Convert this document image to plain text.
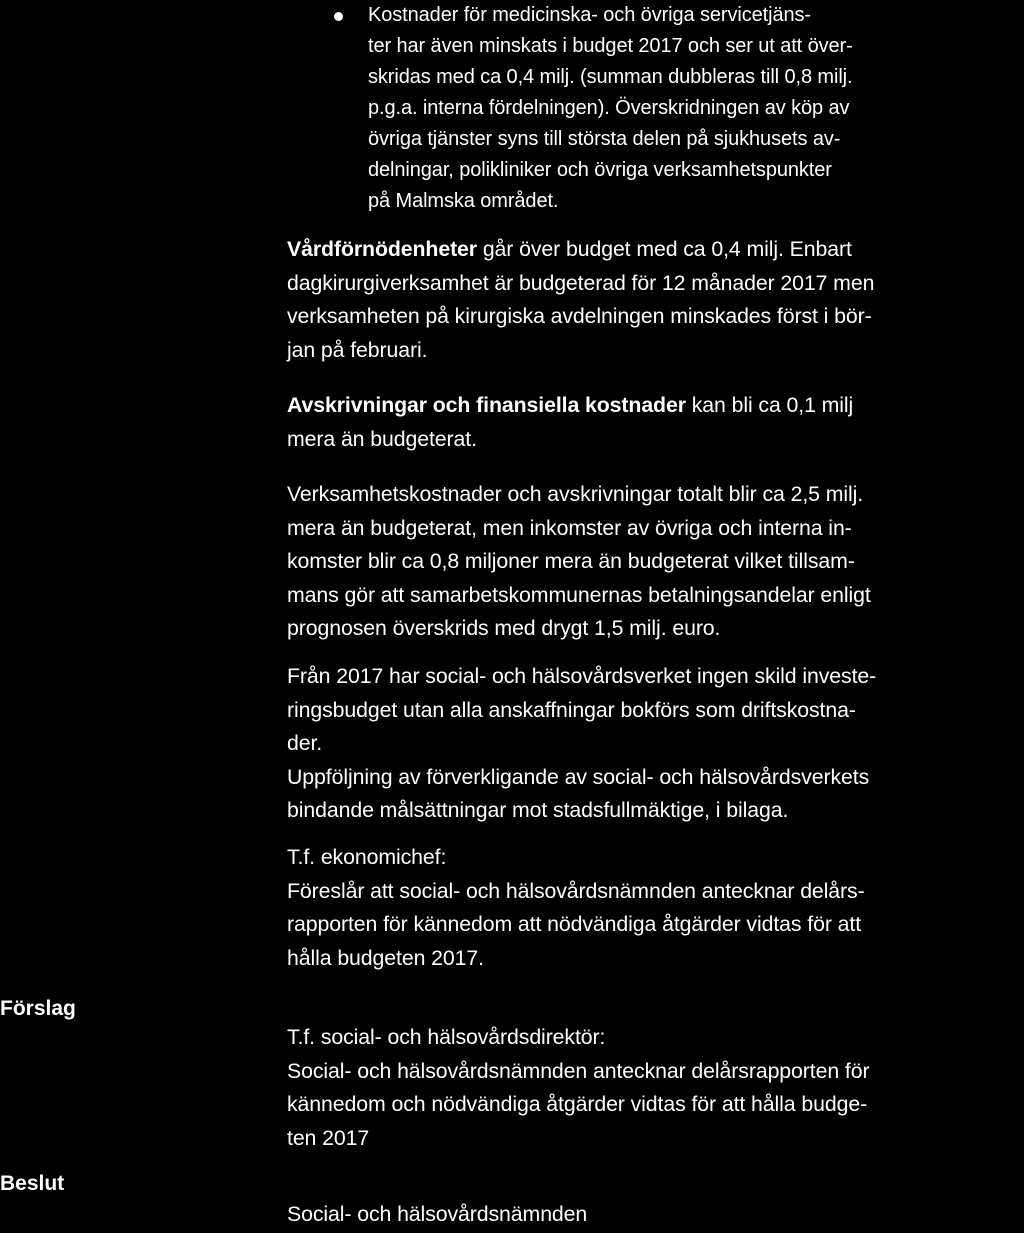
Kostnader för medicinska- och övriga servicetjäns-
ter har även minskats i budget 2017 och ser ut att över-
skridas med ca 0,4 milj. (summan dubbleras till 0,8 milj.
p.g.a. interna fördelningen). Överskridningen av köp av
övriga tjänster syns till största delen på sjukhusets av-
delningar, polikliniker och övriga verksamhetspunkter
på Malmska området.
Vårdförnödenheter går över budget med ca 0,4 milj. Enbart
dagkirurgiverksamhet är budgeterad för 12 månader 2017 men
verksamheten på kirurgiska avdelningen minskades först i bör-
jan på februari.
Avskrivningar och finansiella kostnader kan bli ca 0,1 milj
mera än budgeterat.
Verksamhetskostnader och avskrivningar totalt blir ca 2,5 milj.
mera än budgeterat, men inkomster av övriga och interna in-
komster blir ca 0,8 miljoner mera än budgeterat vilket tillsam-
mans gör att samarbetskommunernas betalningsandelar enligt
prognosen överskrids med drygt 1,5 milj. euro.
Från 2017 har social- och hälsovårdsverket ingen skild investe-
ringsbudget utan alla anskaffningar bokförs som driftskostna-
der.
Uppföljning av förverkligande av social- och hälsovårdsverkets
bindande målsättningar mot stadsfullmäktige, i bilaga.
T.f. ekonomichef:
Föreslår att social- och hälsovårdsnämnden antecknar delårs-
rapporten för kännedom att nödvändiga åtgärder vidtas för att
hålla budgeten 2017.
Förslag
T.f. social- och hälsovårdsdirektör:
Social- och hälsovårdsnämnden antecknar delårsrapporten för
kännedom och nödvändiga åtgärder vidtas för att hålla budge-
ten 2017
Beslut
Social- och hälsovårdsnämnden
